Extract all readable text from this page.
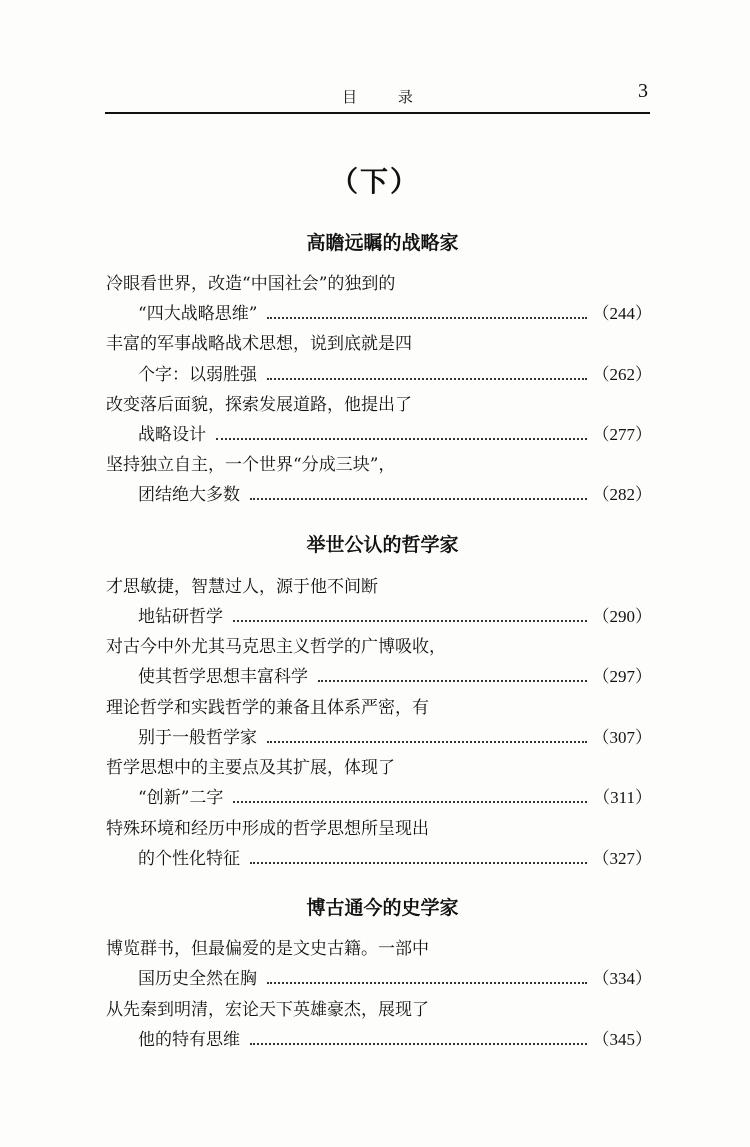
目 录	3
（下）
高瞻远瞩的战略家
冷眼看世界，改造“中国社会”的独到的
“四大战略思维”	（244）
丰富的军事战略战术思想，说到底就是四
个字：以弱胜强	（262）
改变落后面貌，探索发展道路，他提出了
战略设计	（277）
坚持独立自主，一个世界“分成三块”，
团结绝大多数	（282）
举世公认的哲学家
才思敏捷，智慧过人，源于他不间断
地钻研哲学	（290）
对古今中外尤其马克思主义哲学的广博吸收，
使其哲学思想丰富科学	（297）
理论哲学和实践哲学的兼备且体系严密，有
别于一般哲学家	（307）
哲学思想中的主要点及其扩展，体现了
“创新”二字	（311）
特殊环境和经历中形成的哲学思想所呈现出
的个性化特征	（327）
博古通今的史学家
博览群书，但最偏爱的是文史古籍。一部中
国历史全然在胸	（334）
从先秦到明清，宏论天下英雄豪杰，展现了
他的特有思维	（345）
